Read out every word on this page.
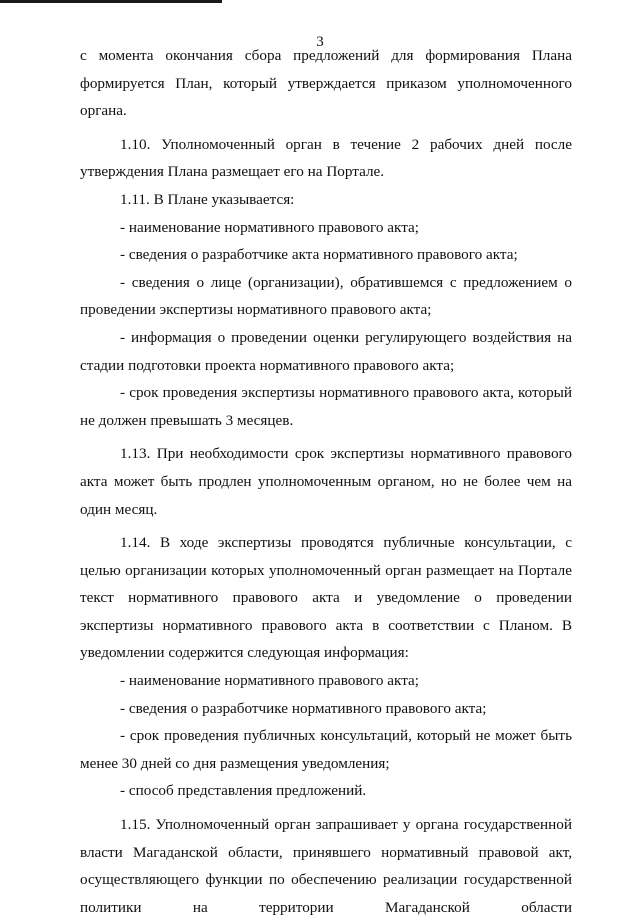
3

с момента окончания сбора предложений для формирования Плана формируется План, который утверждается приказом уполномоченного органа.

1.10. Уполномоченный орган в течение 2 рабочих дней после утверждения Плана размещает его на Портале.

1.11. В Плане указывается:

- наименование нормативного правового акта;

- сведения о разработчике акта нормативного правового акта;

- сведения о лице (организации), обратившемся с предложением о проведении экспертизы нормативного правового акта;

- информация о проведении оценки регулирующего воздействия на стадии подготовки проекта нормативного правового акта;

- срок проведения экспертизы нормативного правового акта, который не должен превышать 3 месяцев.

1.13. При необходимости срок экспертизы нормативного правового акта может быть продлен уполномоченным органом, но не более чем на один месяц.

1.14. В ходе экспертизы проводятся публичные консультации, с целью организации которых уполномоченный орган размещает на Портале текст нормативного правового акта и уведомление о проведении экспертизы нормативного правового акта в соответствии с Планом. В уведомлении содержится следующая информация:

- наименование нормативного правового акта;

- сведения о разработчике нормативного правового акта;

- срок проведения публичных консультаций, который не может быть менее 30 дней со дня размещения уведомления;

- способ представления предложений.

1.15. Уполномоченный орган запрашивает у органа государственной власти Магаданской области, принявшего нормативный правовой акт, осуществляющего функции по обеспечению реализации государственной политики на территории Магаданской области
